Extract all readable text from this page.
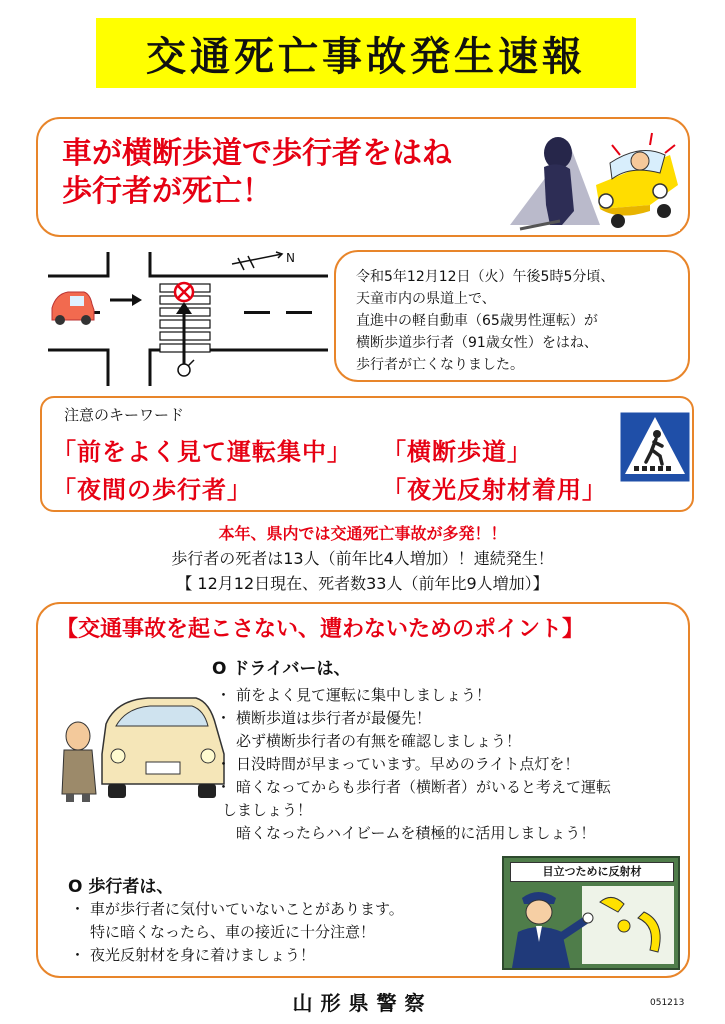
交通死亡事故発生速報
車が横断歩道で歩行者をはね
歩行者が死亡！
N
令和5年12月12日（火）午後5時5分頃、
天童市内の県道上で、
直進中の軽自動車（65歳男性運転）が
横断歩道歩行者（91歳女性）をはね、
歩行者が亡くなりました。
注意のキーワード
「前をよく見て運転集中」 「横断歩道」
「夜間の歩行者」	「夜光反射材着用」
本年、県内では交通死亡事故が多発！！
歩行者の死者は13人（前年比4人増加）！連続発生！
【 12月12日現在、死者数33人（前年比9人増加）】
【交通事故を起こさない、遭わないためのポイント】
O ドライバーは、
・ 前をよく見て運転に集中しましょう！
・ 横断歩道は歩行者が最優先！
必ず横断歩行者の有無を確認しましょう！
・ 日没時間が早まっています。早めのライト点灯を！
・ 暗くなってからも歩行者（横断者）がいると考えて運転
しましょう！
暗くなったらハイビームを積極的に活用しましょう！
O 歩行者は、
・ 車が歩行者に気付いていないことがあります。
特に暗くなったら、車の接近に十分注意！
・ 夜光反射材を身に着けましょう！
目立つために反射材
山形県警察	051213
